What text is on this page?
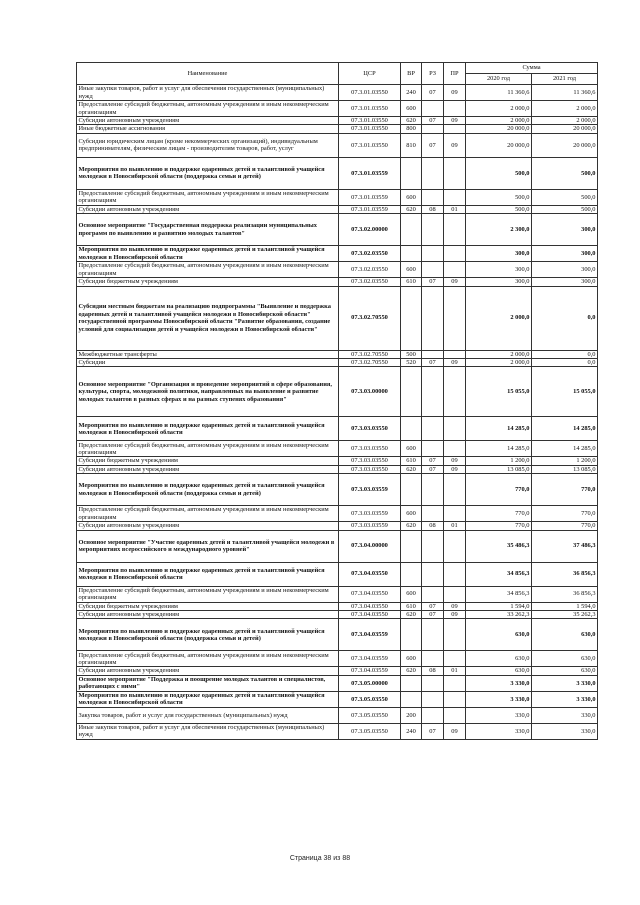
Наименование	ЦСР	ВР	РЗ	ПР	Сумма	
					2020 год	2021 год
Иные закупки товаров, работ и услуг для обеспечения государственных (муниципальных) нужд	07.3.01.03550	240	07	09	11 360,6	11 360,6
Предоставление субсидий бюджетным, автономным учреждениям и иным некоммерческим организациям	07.3.01.03550	600			2 000,0	2 000,0
Субсидии автономным учреждениям	07.3.01.03550	620	07	09	2 000,0	2 000,0
Иные бюджетные ассигнования	07.3.01.03550	800			20 000,0	20 000,0
Субсидии юридическим лицам (кроме некоммерческих организаций), индивидуальным предпринимателям, физическим лицам - производителям товаров, работ, услуг	07.3.01.03550	810	07	09	20 000,0	20 000,0
Мероприятия по выявлению и поддержке одаренных детей и талантливой учащейся молодежи в Новосибирской области (поддержка семьи и детей)	07.3.01.03559				500,0	500,0
Предоставление субсидий бюджетным, автономным учреждениям и иным некоммерческим организациям	07.3.01.03559	600			500,0	500,0
Субсидии автономным учреждениям	07.3.01.03559	620	08	01	500,0	500,0
Основное мероприятие "Государственная поддержка реализации муниципальных программ по выявлению и развитию молодых талантов"	07.3.02.00000				2 300,0	300,0
Мероприятия по выявлению и поддержке одаренных детей и талантливой учащейся молодежи в Новосибирской области	07.3.02.03550				300,0	300,0
Предоставление субсидий бюджетным, автономным учреждениям и иным некоммерческим организациям	07.3.02.03550	600			300,0	300,0
Субсидии бюджетным учреждениям	07.3.02.03550	610	07	09	300,0	300,0
Субсидии местным бюджетам на реализацию подпрограммы "Выявление и поддержка одаренных детей и талантливой учащейся молодежи в Новосибирской области" государственной программы Новосибирской области "Развитие образования, создание условий для социализации детей и учащейся молодежи в Новосибирской области"	07.3.02.70550				2 000,0	0,0
Межбюджетные трансферты	07.3.02.70550	500			2 000,0	0,0
Субсидии	07.3.02.70550	520	07	09	2 000,0	0,0
Основное мероприятие "Организация и проведение мероприятий в сфере образования, культуры, спорта, молодежной политики, направленных на выявление и развитие молодых талантов в разных сферах и на разных ступенях образования"	07.3.03.00000				15 055,0	15 055,0
Мероприятия по выявлению и поддержке одаренных детей и талантливой учащейся молодежи в Новосибирской области	07.3.03.03550				14 285,0	14 285,0
Предоставление субсидий бюджетным, автономным учреждениям и иным некоммерческим организациям	07.3.03.03550	600			14 285,0	14 285,0
Субсидии бюджетным учреждениям	07.3.03.03550	610	07	09	1 200,0	1 200,0
Субсидии автономным учреждениям	07.3.03.03550	620	07	09	13 085,0	13 085,0
Мероприятия по выявлению и поддержке одаренных детей и талантливой учащейся молодежи в Новосибирской области (поддержка семьи и детей)	07.3.03.03559				770,0	770,0
Предоставление субсидий бюджетным, автономным учреждениям и иным некоммерческим организациям	07.3.03.03559	600			770,0	770,0
Субсидии автономным учреждениям	07.3.03.03559	620	08	01	770,0	770,0
Основное мероприятие "Участие одаренных детей и талантливой учащейся молодежи в мероприятиях всероссийского и международного уровней"	07.3.04.00000				35 486,3	37 486,3
Мероприятия по выявлению и поддержке одаренных детей и талантливой учащейся молодежи в Новосибирской области	07.3.04.03550				34 856,3	36 856,3
Предоставление субсидий бюджетным, автономным учреждениям и иным некоммерческим организациям	07.3.04.03550	600			34 856,3	36 856,3
Субсидии бюджетным учреждениям	07.3.04.03550	610	07	09	1 594,0	1 594,0
Субсидии автономным учреждениям	07.3.04.03550	620	07	09	33 262,3	35 262,3
Мероприятия по выявлению и поддержке одаренных детей и талантливой учащейся молодежи в Новосибирской области (поддержка семьи и детей)	07.3.04.03559				630,0	630,0
Предоставление субсидий бюджетным, автономным учреждениям и иным некоммерческим организациям	07.3.04.03559	600			630,0	630,0
Субсидии автономным учреждениям	07.3.04.03559	620	08	01	630,0	630,0
Основное мероприятие "Поддержка и поощрение молодых талантов и специалистов, работающих с ними"	07.3.05.00000				3 330,0	3 330,0
Мероприятия по выявлению и поддержке одаренных детей и талантливой учащейся молодежи в Новосибирской области	07.3.05.03550				3 330,0	3 330,0
Закупка товаров, работ и услуг для государственных (муниципальных) нужд	07.3.05.03550	200			330,0	330,0
Иные закупки товаров, работ и услуг для обеспечения государственных (муниципальных) нужд	07.3.05.03550	240	07	09	330,0	330,0
Страница 38 из 88
